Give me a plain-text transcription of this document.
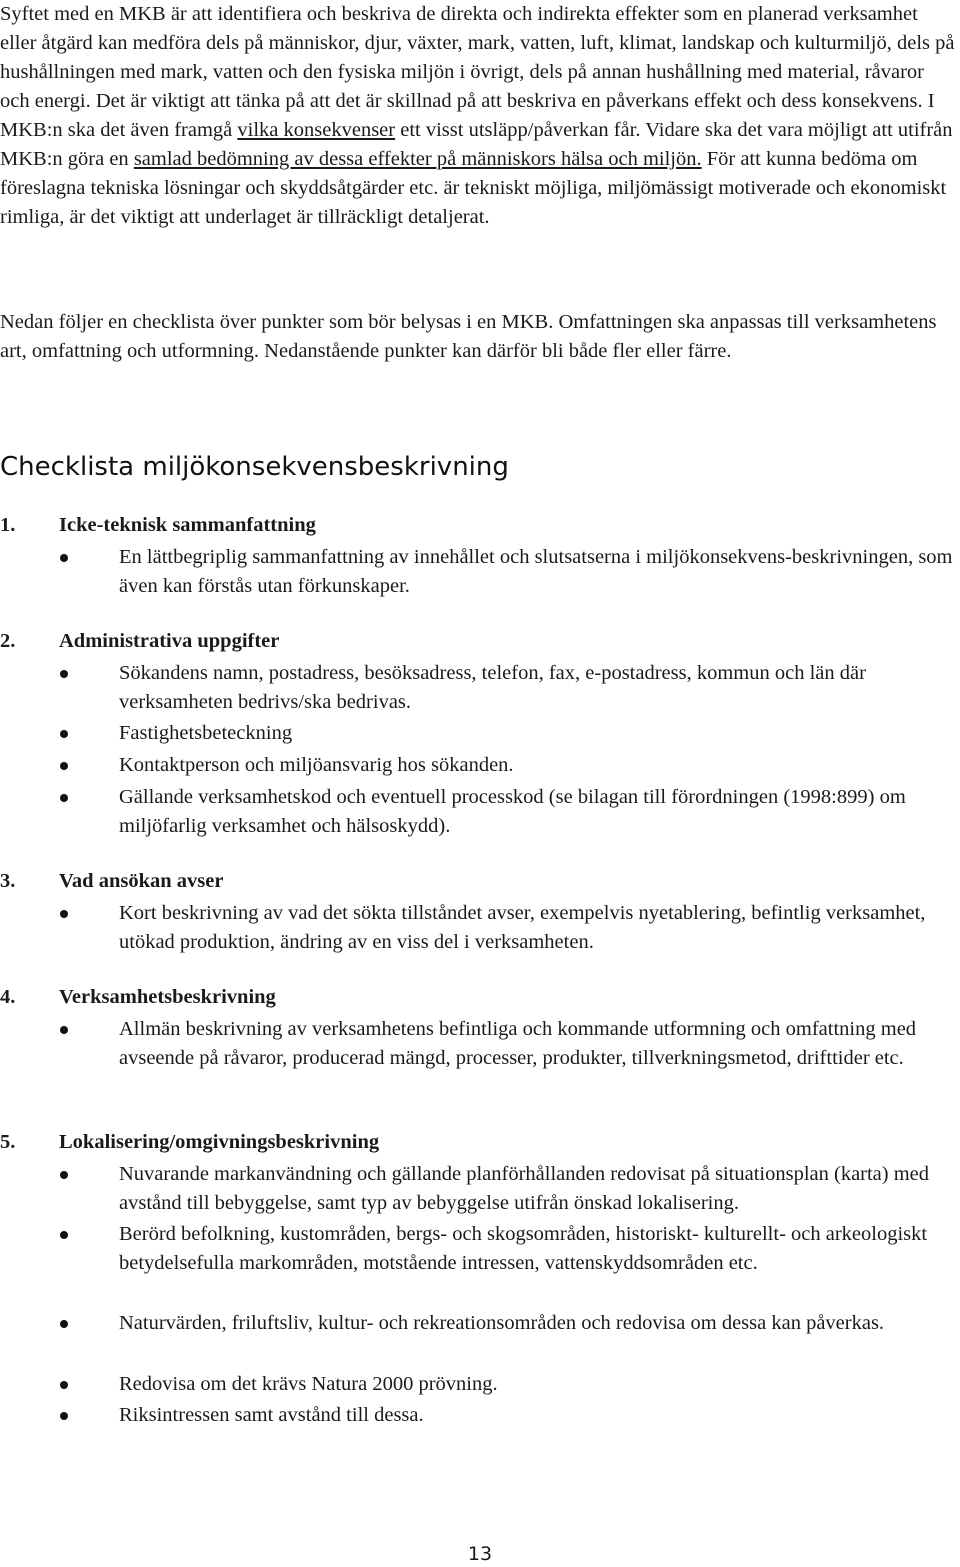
Syftet med en MKB är att identifiera och beskriva de direkta och indirekta effekter som en planerad verksamhet eller åtgärd kan medföra dels på människor, djur, växter, mark, vatten, luft, klimat, landskap och kulturmiljö, dels på hushållningen med mark, vatten och den fysiska miljön i övrigt, dels på annan hushållning med material, råvaror och energi. Det är viktigt att tänka på att det är skillnad på att beskriva en påverkans effekt och dess konsekvens. I MKB:n ska det även framgå vilka konsekvenser ett visst utsläpp/påverkan får. Vidare ska det vara möjligt att utifrån MKB:n göra en samlad bedömning av dessa effekter på människors hälsa och miljön. För att kunna bedöma om föreslagna tekniska lösningar och skyddsåtgärder etc. är tekniskt möjliga, miljömässigt motiverade och ekonomiskt rimliga, är det viktigt att underlaget är tillräckligt detaljerat.

Nedan följer en checklista över punkter som bör belysas i en MKB. Omfattningen ska anpassas till verksamhetens art, omfattning och utformning. Nedanstående punkter kan därför bli både fler eller färre.

Checklista miljökonsekvensbeskrivning
1. Icke-teknisk sammanfattning
En lättbegriplig sammanfattning av innehållet och slutsatserna i miljökonsekvens-beskrivningen, som även kan förstås utan förkunskaper.
2. Administrativa uppgifter
Sökandens namn, postadress, besöksadress, telefon, fax, e-postadress, kommun och län där verksamheten bedrivs/ska bedrivas.
Fastighetsbeteckning
Kontaktperson och miljöansvarig hos sökanden.
Gällande verksamhetskod och eventuell processkod (se bilagan till förordningen (1998:899) om miljöfarlig verksamhet och hälsoskydd).
3. Vad ansökan avser
Kort beskrivning av vad det sökta tillståndet avser, exempelvis nyetablering, befintlig verksamhet, utökad produktion, ändring av en viss del i verksamheten.
4. Verksamhetsbeskrivning
Allmän beskrivning av verksamhetens befintliga och kommande utformning och omfattning med avseende på råvaror, producerad mängd, processer, produkter, tillverkningsmetod, drifttider etc.
5. Lokalisering/omgivningsbeskrivning
Nuvarande markanvändning och gällande planförhållanden redovisat på situationsplan (karta) med avstånd till bebyggelse, samt typ av bebyggelse utifrån önskad lokalisering.
Berörd befolkning, kustområden, bergs- och skogsområden, historiskt- kulturellt- och arkeologiskt betydelsefulla markområden, motstående intressen, vattenskyddsområden etc.
Naturvärden, friluftsliv, kultur- och rekreationsområden och redovisa om dessa kan påverkas.
Redovisa om det krävs Natura 2000 prövning.
Riksintressen samt avstånd till dessa.
13
